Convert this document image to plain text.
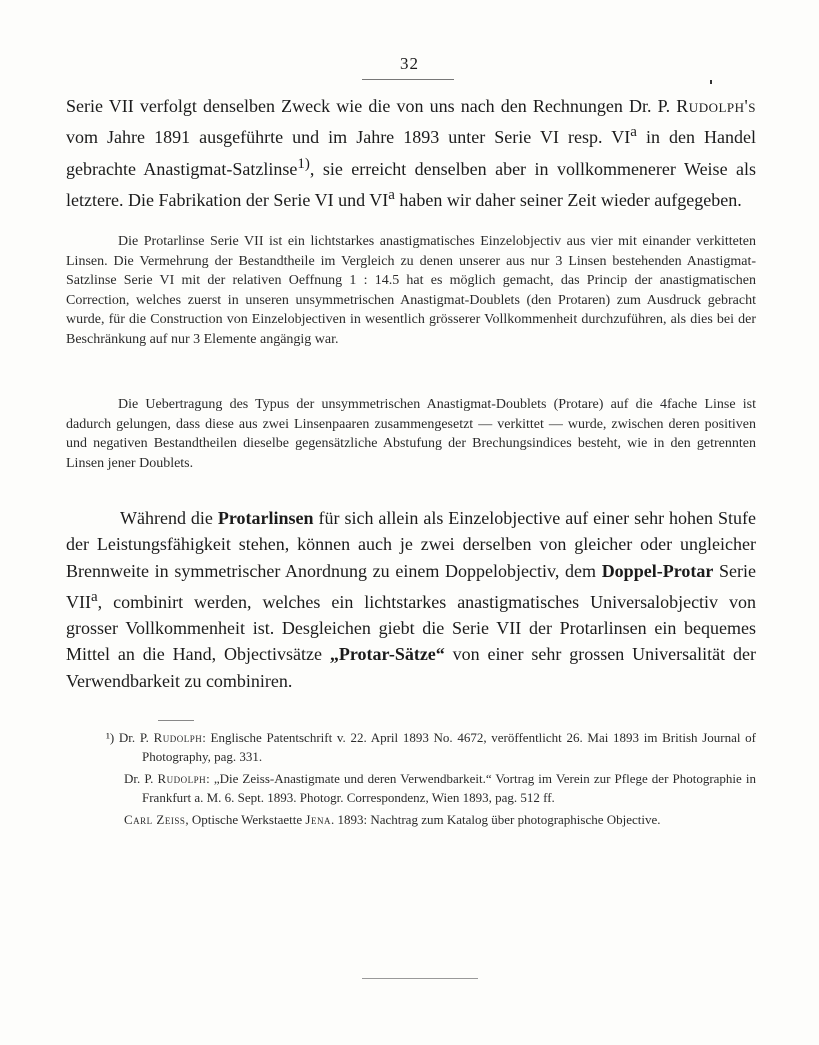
32

Serie VII verfolgt denselben Zweck wie die von uns nach den Rechnungen Dr. P. Rudolph's vom Jahre 1891 ausgeführte und im Jahre 1893 unter Serie VI resp. $VI^a$ in den Handel gebrachte Anastigmat-Satzlinse$^{1)}$, sie erreicht denselben aber in vollkommenerer Weise als letztere. Die Fabrikation der Serie VI und $VI^a$ haben wir daher seiner Zeit wieder aufgegeben.

Die Protarlinse Serie VII ist ein lichtstarkes anastigmatisches Einzelobjectiv aus vier mit einander verkitteten Linsen. Die Vermehrung der Bestandtheile im Vergleich zu denen unserer aus nur 3 Linsen bestehenden Anastigmat-Satzlinse Serie VI mit der relativen Oeffnung 1 : 14.5 hat es möglich gemacht, das Princip der anastigmatischen Correction, welches zuerst in unseren unsymmetrischen Anastigmat-Doublets (den Protaren) zum Ausdruck gebracht wurde, für die Construction von Einzelobjectiven in wesentlich grösserer Vollkommenheit durchzuführen, als dies bei der Beschränkung auf nur 3 Elemente angängig war.

Die Uebertragung des Typus der unsymmetrischen Anastigmat-Doublets (Protare) auf die 4fache Linse ist dadurch gelungen, dass diese aus zwei Linsenpaaren zusammengesetzt — verkittet — wurde, zwischen deren positiven und negativen Bestandtheilen dieselbe gegensätzliche Abstufung der Brechungsindices besteht, wie in den getrennten Linsen jener Doublets.

Während die Protarlinsen für sich allein als Einzelobjective auf einer sehr hohen Stufe der Leistungsfähigkeit stehen, können auch je zwei derselben von gleicher oder ungleicher Brennweite in symmetrischer Anordnung zu einem Doppelobjectiv, dem Doppel-Protar Serie VII$^a$, combinirt werden, welches ein lichtstarkes anastigmatisches Universalobjectiv von grosser Vollkommenheit ist. Desgleichen giebt die Serie VII der Protarlinsen ein bequemes Mittel an die Hand, Objectivsätze „Protar-Sätze“ von einer sehr grossen Universalität der Verwendbarkeit zu combiniren.

¹) Dr. P. Rudolph: Englische Patentschrift v. 22. April 1893 No. 4672, veröffentlicht 26. Mai 1893 im British Journal of Photography, pag. 331.

Dr. P. Rudolph: „Die Zeiss-Anastigmate und deren Verwendbarkeit.“ Vortrag im Verein zur Pflege der Photographie in Frankfurt a. M. 6. Sept. 1893. Photogr. Correspondenz, Wien 1893, pag. 512 ff.

Carl Zeiss, Optische Werkstaette Jena. 1893: Nachtrag zum Katalog über photographische Objective.
